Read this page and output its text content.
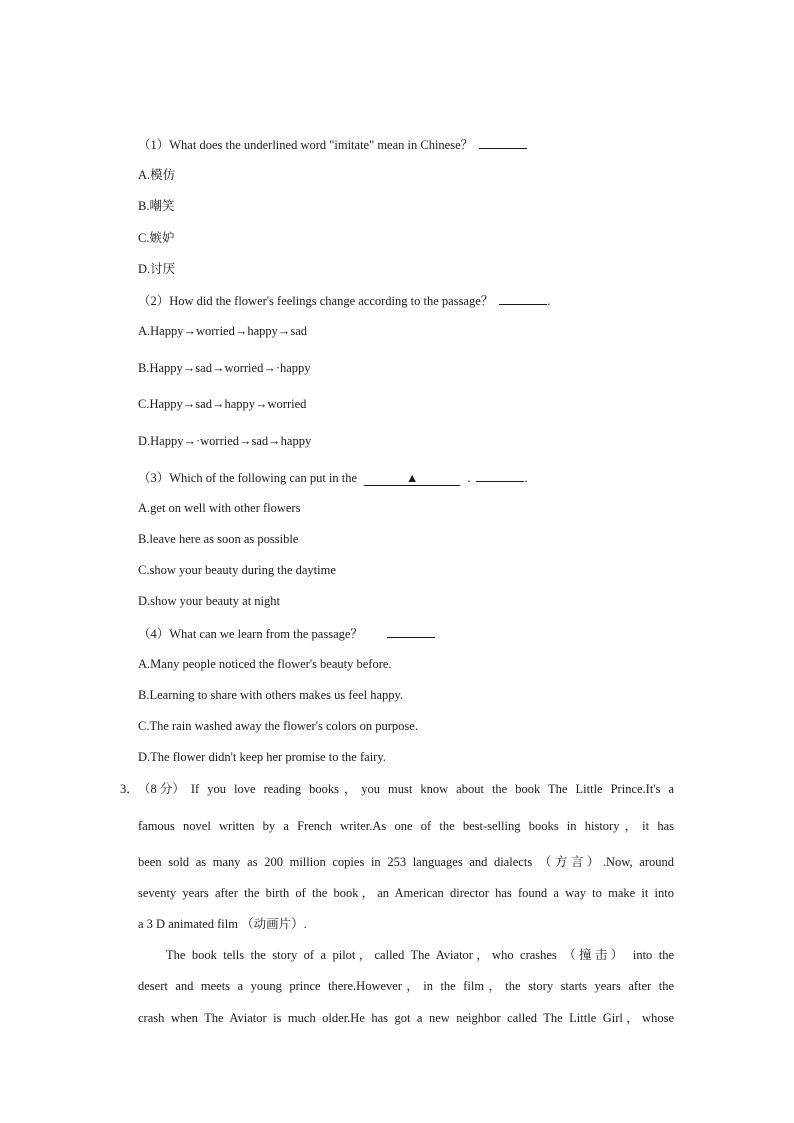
（1）What does the underlined word "imitate" mean in Chinese？
A.模仿
B.嘲笑
C.嫉妒
D.讨厌
（2）How did the flower's feelings change according to the passage？	.
A.Happy→worried→happy→sad
B.Happy→sad→worried→·happy
C.Happy→sad→happy→worried
D.Happy→·worried→sad→happy
（3）Which of the following can put in the	▲	.	.
A.get on well with other flowers
B.leave here as soon as possible
C.show your beauty during the daytime
D.show your beauty at night
（4）What can we learn from the passage？
A.Many people noticed the flower's beauty before.
B.Learning to share with others makes us feel happy.
C.The rain washed away the flower's colors on purpose.
D.The flower didn't keep her promise to the fairy.
3． （8 分） If you love reading books，you must know about the book The Little Prince.It's a
famous novel written by a French writer.As one of the best-selling books in history，it has
been sold as many as 200 million copies in 253 languages and dialects （方言）.Now, around
seventy years after the birth of the book，an American director has found a way to make it into
a 3 D animated film （动画片）.
The book tells the story of a pilot，called The Aviator，who crashes （撞击） into the
desert and meets a young prince there.However，in the film，the story starts years after the
crash when The Aviator is much older.He has got a new neighbor called The Little Girl，whose
